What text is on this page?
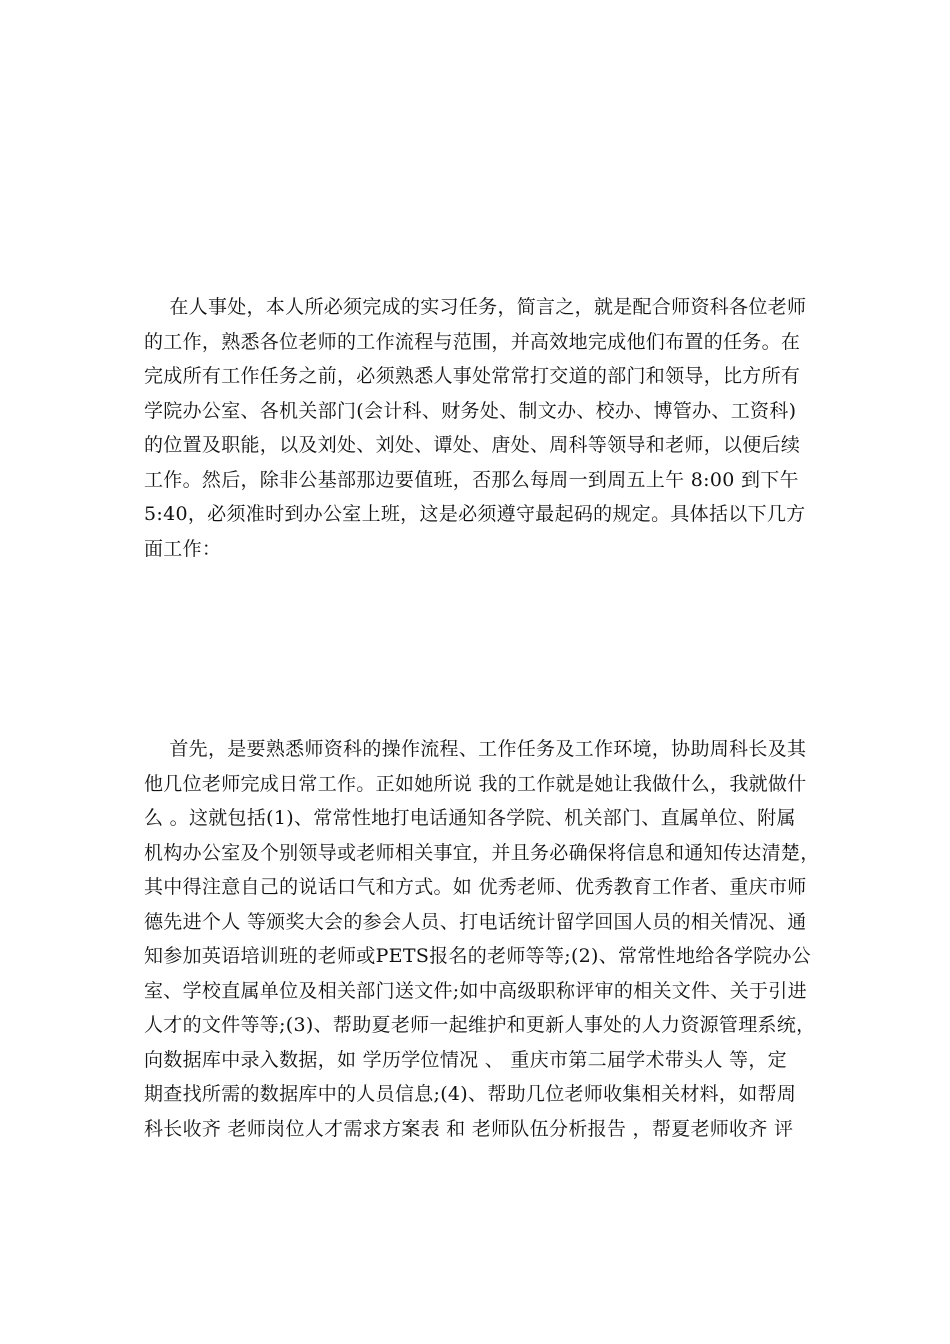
在人事处，本人所必须完成的实习任务，简言之，就是配合师资科各位老师
的工作，熟悉各位老师的工作流程与范围，并高效地完成他们布置的任务。在
完成所有工作任务之前，必须熟悉人事处常常打交道的部门和领导，比方所有
学院办公室、各机关部门(会计科、财务处、制文办、校办、博管办、工资科)
的位置及职能，以及刘处、刘处、谭处、唐处、周科等领导和老师，以便后续
工作。然后，除非公基部那边要值班，否那么每周一到周五上午 8:00 到下午
5:40，必须准时到办公室上班，这是必须遵守最起码的规定。具体括以下几方
面工作：
首先，是要熟悉师资科的操作流程、工作任务及工作环境，协助周科长及其
他几位老师完成日常工作。正如她所说 我的工作就是她让我做什么，我就做什
么 。这就包括(1)、常常性地打电话通知各学院、机关部门、直属单位、附属
机构办公室及个别领导或老师相关事宜，并且务必确保将信息和通知传达清楚，
其中得注意自己的说话口气和方式。如 优秀老师、优秀教育工作者、重庆市师
德先进个人 等颁奖大会的参会人员、打电话统计留学回国人员的相关情况、通
知参加英语培训班的老师或PETS报名的老师等等;(2)、常常性地给各学院办公
室、学校直属单位及相关部门送文件;如中高级职称评审的相关文件、关于引进
人才的文件等等;(3)、帮助夏老师一起维护和更新人事处的人力资源管理系统，
向数据库中录入数据，如 学历学位情况 、 重庆市第二届学术带头人 等，定
期查找所需的数据库中的人员信息;(4)、帮助几位老师收集相关材料，如帮周
科长收齐 老师岗位人才需求方案表 和 老师队伍分析报告 ，帮夏老师收齐 评
